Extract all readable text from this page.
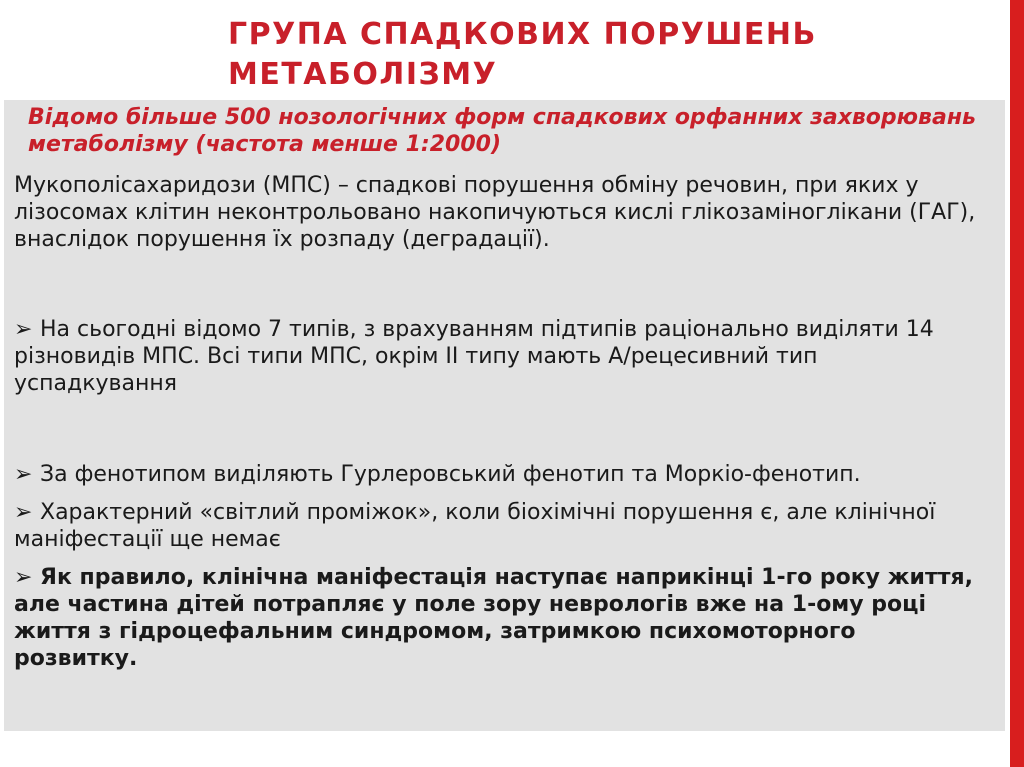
ГРУПА СПАДКОВИХ ПОРУШЕНЬ МЕТАБОЛІЗМУ

Відомо більше 500 нозологічних форм спадкових орфанних захворювань метаболізму (частота менше 1:2000)

Мукополісахаридози (МПС) – спадкові порушення обміну речовин, при яких у лізосомах клітин неконтрольовано накопичуються кислі глікозаміноглікани (ГАГ), внаслідок порушення їх розпаду (деградації).

➢ На сьогодні відомо 7 типів, з врахуванням підтипів раціонально виділяти 14 різновидів МПС. Всі типи МПС, окрім ІІ типу мають А/рецесивний тип успадкування

➢ За фенотипом виділяють Гурлеровський фенотип та Моркіо-фенотип.

➢ Характерний «світлий проміжок», коли біохімічні порушення є, але клінічної маніфестації ще немає

➢ Як правило, клінічна маніфестація наступає наприкінці 1-го року життя, але частина дітей потрапляє у поле зору неврологів вже на 1-ому році життя з гідроцефальним синдромом, затримкою психомоторного розвитку.
